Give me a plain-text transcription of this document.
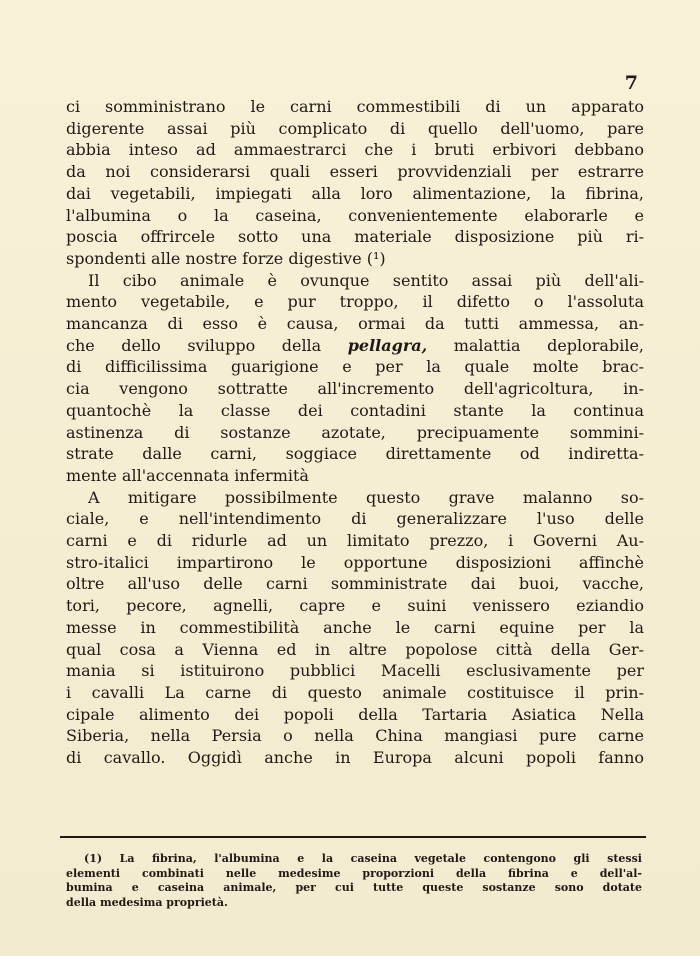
7
ci somministrano le carni commestibili di un apparato
digerente assai più complicato di quello dell'uomo, pare
abbia inteso ad ammaestrarci che i bruti erbivori debbano
da noi considerarsi quali esseri provvidenziali per estrarre
dai vegetabili, impiegati alla loro alimentazione, la fibrina,
l'albumina o la caseina, convenientemente elaborarle e
poscia offrircele sotto una materiale disposizione più ri-
spondenti alle nostre forze digestive (¹)
Il cibo animale è ovunque sentito assai più dell'ali-
mento vegetabile, e pur troppo, il difetto o l'assoluta
mancanza di esso è causa, ormai da tutti ammessa, an-
che dello sviluppo della pellagra, malattia deplorabile,
di difficilissima guarigione e per la quale molte brac-
cia vengono sottratte all'incremento dell'agricoltura, in-
quantochè la classe dei contadini stante la continua
astinenza di sostanze azotate, precipuamente sommini-
strate dalle carni, soggiace direttamente od indiretta-
mente all'accennata infermità
A mitigare possibilmente questo grave malanno so-
ciale, e nell'intendimento di generalizzare l'uso delle
carni e di ridurle ad un limitato prezzo, i Governi Au-
stro-italici impartirono le opportune disposizioni affinchè
oltre all'uso delle carni somministrate dai buoi, vacche,
tori, pecore, agnelli, capre e suini venissero eziandio
messe in commestibilità anche le carni equine per la
qual cosa a Vienna ed in altre popolose città della Ger-
mania si istituirono pubblici Macelli esclusivamente per
i cavalli La carne di questo animale costituisce il prin-
cipale alimento dei popoli della Tartaria Asiatica Nella
Siberia, nella Persia o nella China mangiasi pure carne
di cavallo. Oggidì anche in Europa alcuni popoli fanno
(1) La fibrina, l'albumina e la caseina vegetale contengono gli stessi
elementi combinati nelle medesime proporzioni della fibrina e dell'al-
bumina e caseina animale, per cui tutte queste sostanze sono dotate
della medesima proprietà.
